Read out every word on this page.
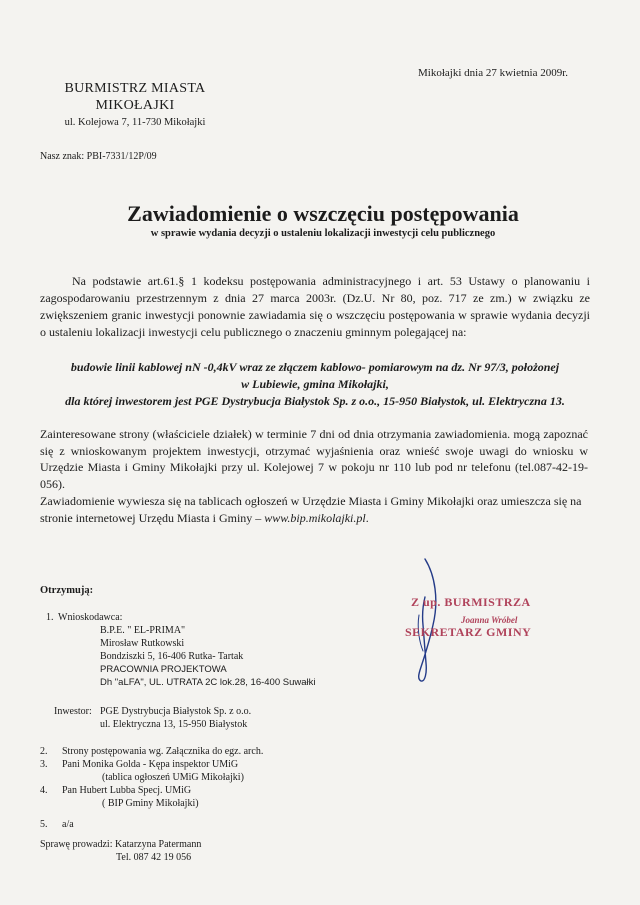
Mikołajki dnia 27 kwietnia 2009r.
BURMISTRZ MIASTA
MIKOŁAJKI
ul. Kolejowa 7, 11-730 Mikołajki
Nasz znak: PBI-7331/12P/09
Zawiadomienie o wszczęciu postępowania
w sprawie wydania decyzji o ustaleniu lokalizacji inwestycji celu publicznego
Na podstawie art.61.§ 1 kodeksu postępowania administracyjnego i art. 53 Ustawy o planowaniu i zagospodarowaniu przestrzennym z dnia 27 marca 2003r. (Dz.U. Nr 80, poz. 717 ze zm.) w związku ze zwiększeniem granic inwestycji ponownie zawiadamia się o wszczęciu postępowania w sprawie wydania decyzji o ustaleniu lokalizacji inwestycji celu publicznego o znaczeniu gminnym polegającej na:
budowie linii kablowej nN -0,4kV wraz ze złączem kablowo- pomiarowym na dz. Nr 97/3, położonej
w Lubiewie, gmina Mikołajki,
dla której inwestorem jest PGE Dystrybucja Białystok Sp. z o.o., 15-950 Białystok, ul. Elektryczna 13.
Zainteresowane strony (właściciele działek) w terminie 7 dni od dnia otrzymania zawiadomienia. mogą zapoznać się z wnioskowanym projektem inwestycji, otrzymać wyjaśnienia oraz wnieść swoje uwagi do wniosku w Urzędzie Miasta i Gminy Mikołajki przy ul. Kolejowej 7 w pokoju nr 110 lub pod nr telefonu (tel.087-42-19-056).
Zawiadomienie wywiesza się na tablicach ogłoszeń w Urzędzie Miasta i Gminy Mikołajki oraz umieszcza się na stronie internetowej Urzędu Miasta i Gminy – www.bip.mikolajki.pl.
Otrzymują:
1. Wnioskodawca:
B.P.E. " EL-PRIMA"
Mirosław Rutkowski
Bondziszki 5, 16-406 Rutka- Tartak
PRACOWNIA PROJEKTOWA
Dh "aLFA", UL. UTRATA 2C lok.28, 16-400 Suwałki
Inwestor: PGE Dystrybucja Białystok Sp. z o.o.
ul. Elektryczna 13, 15-950 Białystok
2. Strony postępowania wg. Załącznika do egz. arch.
3. Pani Monika Golda - Kępa inspektor UMiG
(tablica ogłoszeń UMiG Mikołajki)
4. Pan Hubert Lubba Specj. UMiG
( BIP Gminy Mikołajki)
5. a/a
Z up. BURMISTRZA
Joanna Wróbel
SEKRETARZ GMINY
Sprawę prowadzi: Katarzyna Patermann
Tel. 087 42 19 056
